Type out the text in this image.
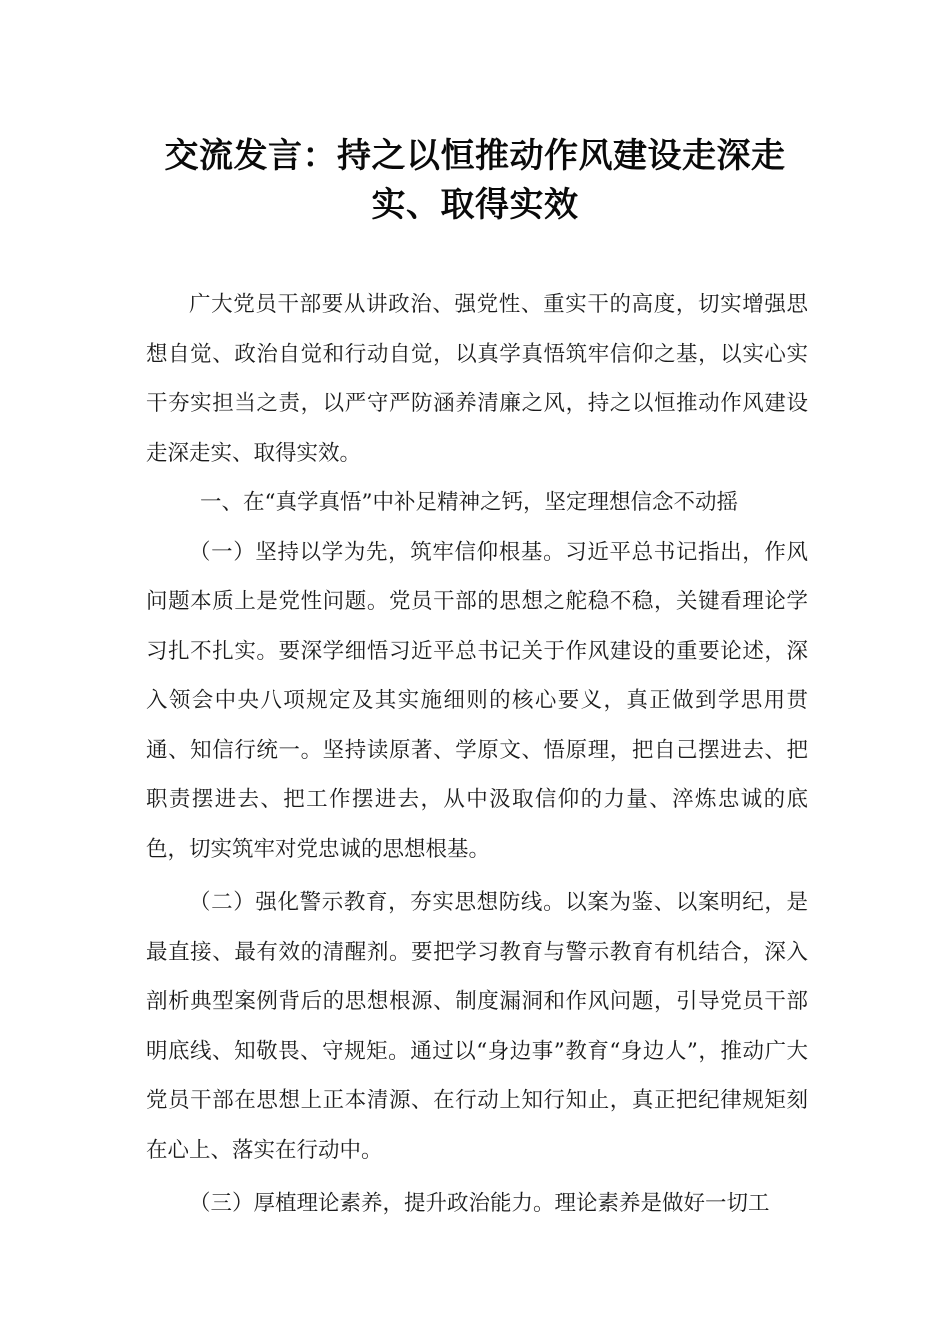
交流发言：持之以恒推动作风建设走深走
实、取得实效

广大党员干部要从讲政治、强党性、重实干的高度，切实增强思想自觉、政治自觉和行动自觉，以真学真悟筑牢信仰之基，以实心实干夯实担当之责，以严守严防涵养清廉之风，持之以恒推动作风建设走深走实、取得实效。

一、在“真学真悟”中补足精神之钙，坚定理想信念不动摇

（一）坚持以学为先，筑牢信仰根基。习近平总书记指出，作风问题本质上是党性问题。党员干部的思想之舵稳不稳，关键看理论学习扎不扎实。要深学细悟习近平总书记关于作风建设的重要论述，深入领会中央八项规定及其实施细则的核心要义，真正做到学思用贯通、知信行统一。坚持读原著、学原文、悟原理，把自己摆进去、把职责摆进去、把工作摆进去，从中汲取信仰的力量、淬炼忠诚的底色，切实筑牢对党忠诚的思想根基。

（二）强化警示教育，夯实思想防线。以案为鉴、以案明纪，是最直接、最有效的清醒剂。要把学习教育与警示教育有机结合，深入剖析典型案例背后的思想根源、制度漏洞和作风问题，引导党员干部明底线、知敬畏、守规矩。通过以“身边事”教育“身边人”，推动广大党员干部在思想上正本清源、在行动上知行知止，真正把纪律规矩刻在心上、落实在行动中。

（三）厚植理论素养，提升政治能力。理论素养是做好一切工
